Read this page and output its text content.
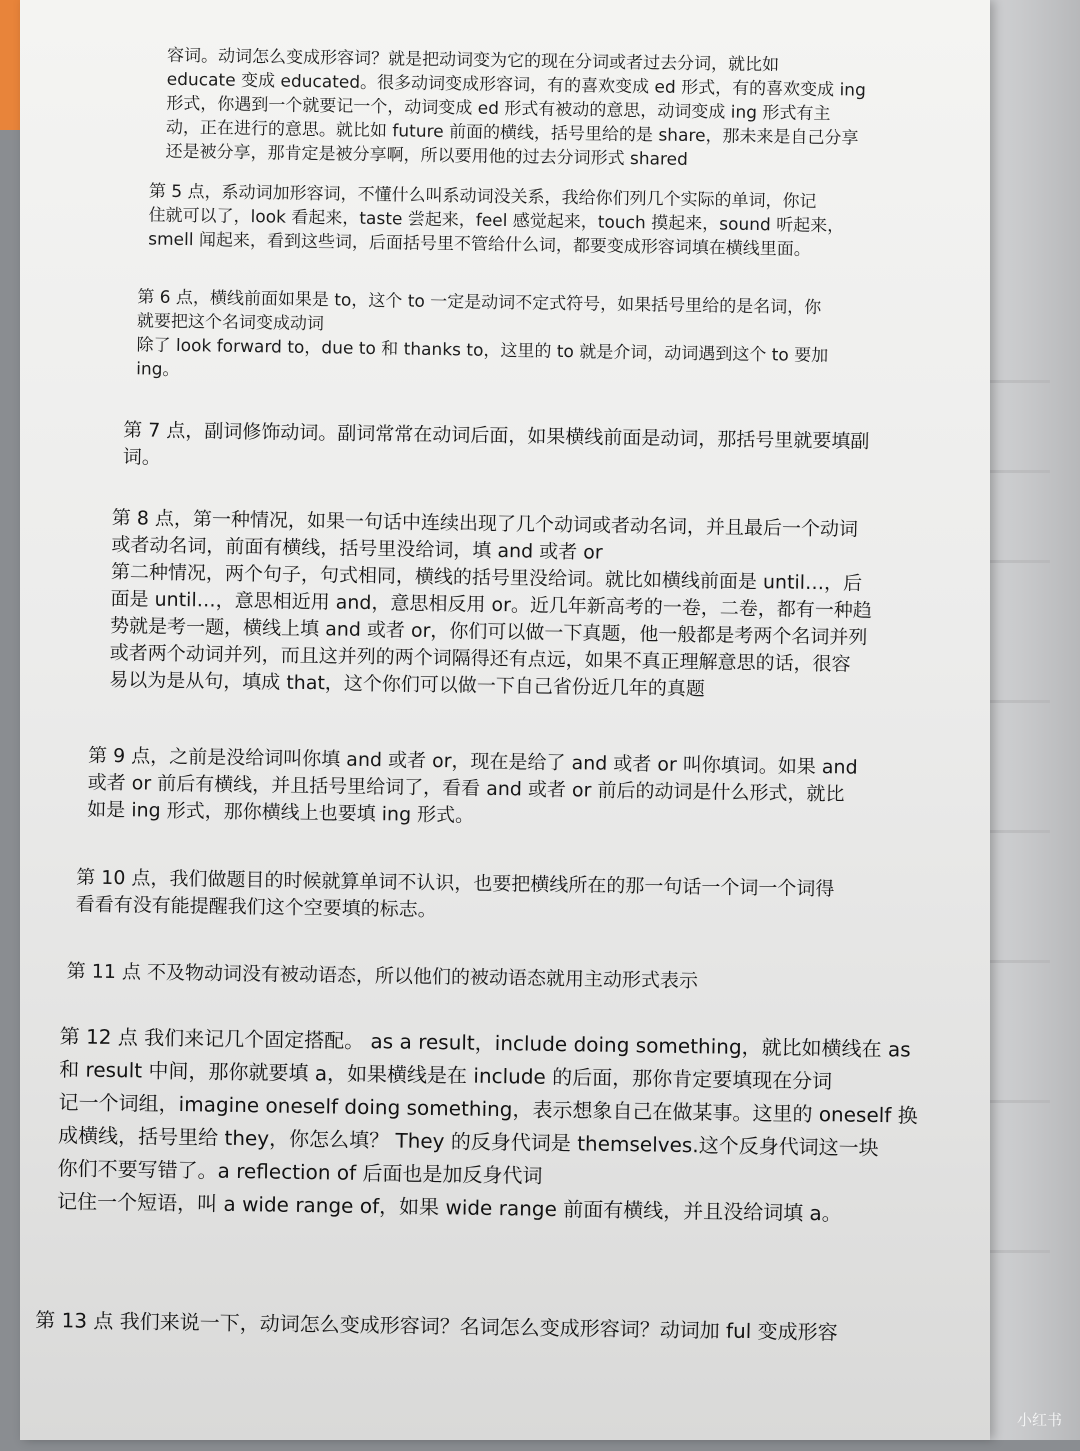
容词。动词怎么变成形容词？就是把动词变为它的现在分词或者过去分词，就比如
educate 变成 educated。很多动词变成形容词，有的喜欢变成 ed 形式，有的喜欢变成 ing
形式，你遇到一个就要记一个，动词变成 ed 形式有被动的意思，动词变成 ing 形式有主
动，正在进行的意思。就比如 future 前面的横线，括号里给的是 share，那未来是自己分享
还是被分享，那肯定是被分享啊，所以要用他的过去分词形式 shared
第 5 点，系动词加形容词，不懂什么叫系动词没关系，我给你们列几个实际的单词，你记
住就可以了，look 看起来，taste 尝起来，feel 感觉起来，touch 摸起来，sound 听起来，
smell 闻起来，看到这些词，后面括号里不管给什么词，都要变成形容词填在横线里面。
第 6 点，横线前面如果是 to，这个 to 一定是动词不定式符号，如果括号里给的是名词，你
就要把这个名词变成动词
除了 look forward to，due to 和 thanks to，这里的 to 就是介词，动词遇到这个 to 要加
ing。
第 7 点，副词修饰动词。副词常常在动词后面，如果横线前面是动词，那括号里就要填副
词。
第 8 点，第一种情况，如果一句话中连续出现了几个动词或者动名词，并且最后一个动词
或者动名词，前面有横线，括号里没给词，填 and 或者 or
第二种情况，两个句子，句式相同，横线的括号里没给词。就比如横线前面是 until…，后
面是 until…，意思相近用 and，意思相反用 or。近几年新高考的一卷，二卷，都有一种趋
势就是考一题，横线上填 and 或者 or，你们可以做一下真题，他一般都是考两个名词并列
或者两个动词并列，而且这并列的两个词隔得还有点远，如果不真正理解意思的话，很容
易以为是从句，填成 that，这个你们可以做一下自己省份近几年的真题
第 9 点，之前是没给词叫你填 and 或者 or，现在是给了 and 或者 or 叫你填词。如果 and
或者 or 前后有横线，并且括号里给词了，看看 and 或者 or 前后的动词是什么形式，就比
如是 ing 形式，那你横线上也要填 ing 形式。
第 10 点，我们做题目的时候就算单词不认识，也要把横线所在的那一句话一个词一个词得
看看有没有能提醒我们这个空要填的标志。
第 11 点 不及物动词没有被动语态，所以他们的被动语态就用主动形式表示
第 12 点 我们来记几个固定搭配。 as a result，include doing something，就比如横线在 as
和 result 中间，那你就要填 a，如果横线是在 include 的后面，那你肯定要填现在分词
记一个词组，imagine oneself doing something，表示想象自己在做某事。这里的 oneself 换
成横线，括号里给 they，你怎么填？ They 的反身代词是 themselves.这个反身代词这一块
你们不要写错了。a reflection of 后面也是加反身代词
记住一个短语，叫 a wide range of，如果 wide range 前面有横线，并且没给词填 a。
第 13 点 我们来说一下，动词怎么变成形容词？名词怎么变成形容词？动词加 ful 变成形容
小红书
